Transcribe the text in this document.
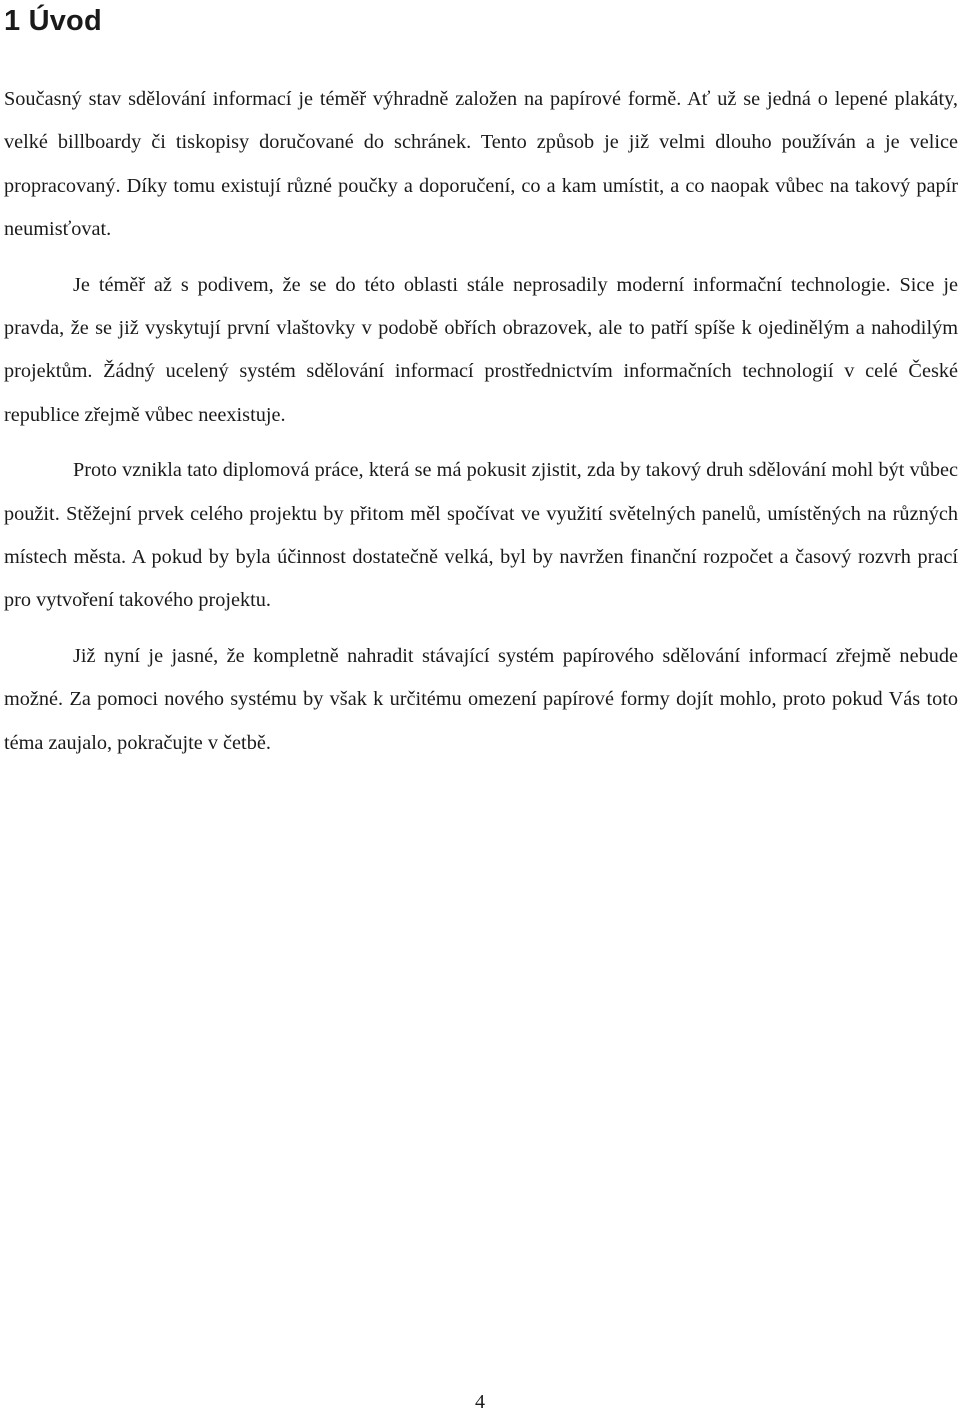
1 Úvod

Současný stav sdělování informací je téměř výhradně založen na papírové formě. Ať už se jedná o lepené plakáty, velké billboardy či tiskopisy doručované do schránek. Tento způsob je již velmi dlouho používán a je velice propracovaný. Díky tomu existují různé poučky a doporučení, co a kam umístit, a co naopak vůbec na takový papír neumisťovat.

Je téměř až s podivem, že se do této oblasti stále neprosadily moderní informační technologie. Sice je pravda, že se již vyskytují první vlaštovky v podobě obřích obrazovek, ale to patří spíše k ojedinělým a nahodilým projektům. Žádný ucelený systém sdělování informací prostřednictvím informačních technologií v celé České republice zřejmě vůbec neexistuje.

Proto vznikla tato diplomová práce, která se má pokusit zjistit, zda by takový druh sdělování mohl být vůbec použit. Stěžejní prvek celého projektu by přitom měl spočívat ve využití světelných panelů, umístěných na různých místech města. A pokud by byla účinnost dostatečně velká, byl by navržen finanční rozpočet a časový rozvrh prací pro vytvoření takového projektu.

Již nyní je jasné, že kompletně nahradit stávající systém papírového sdělování informací zřejmě nebude možné. Za pomoci nového systému by však k určitému omezení papírové formy dojít mohlo, proto pokud Vás toto téma zaujalo, pokračujte v četbě.

4
